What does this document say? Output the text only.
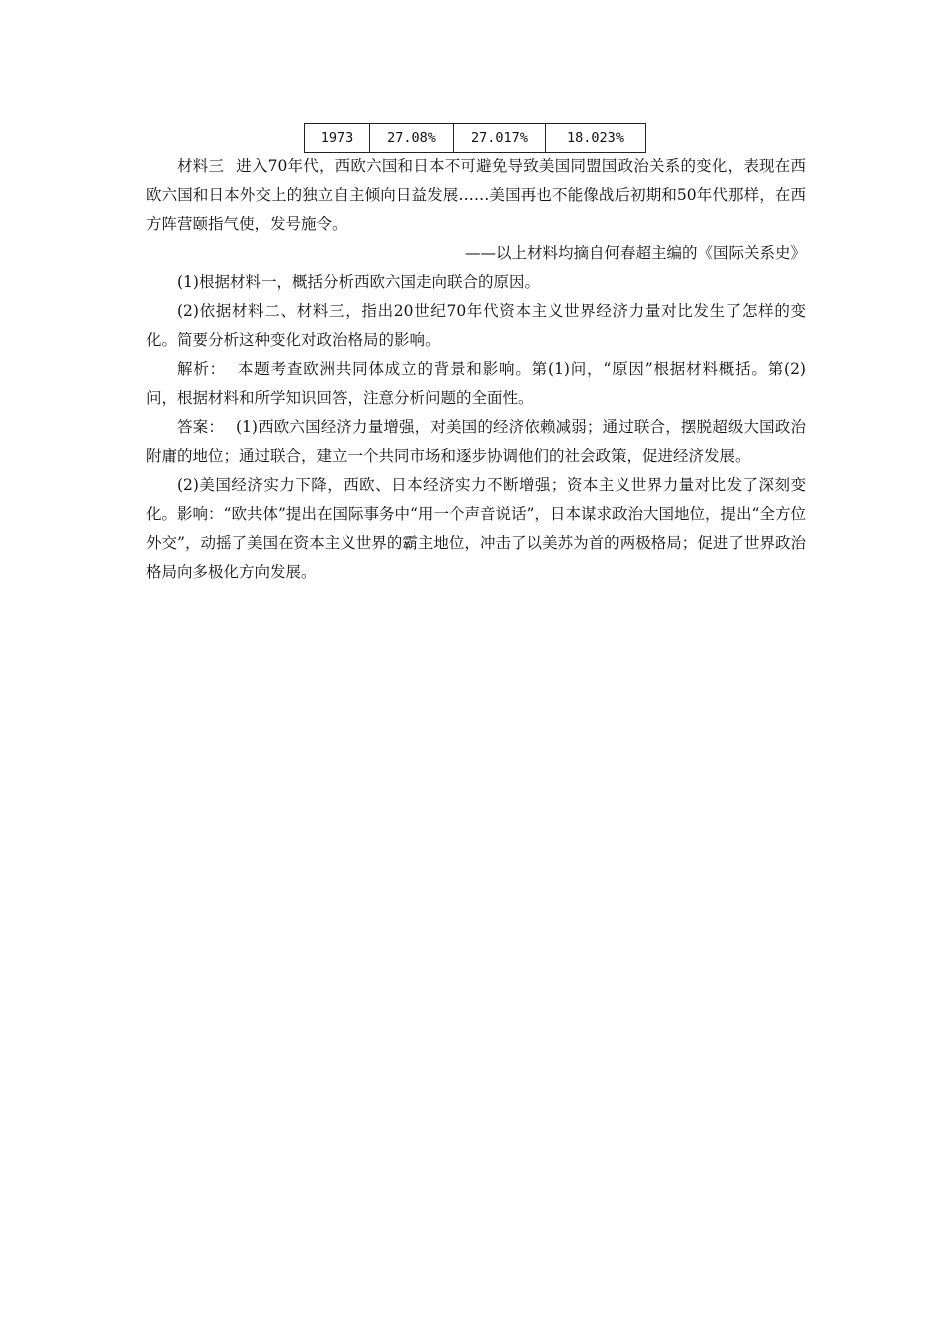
1973	27.08%	27.017%	18.023%

材料三 进入70年代，西欧六国和日本不可避免导致美国同盟国政治关系的变化，表现在西欧六国和日本外交上的独立自主倾向日益发展……美国再也不能像战后初期和50年代那样，在西方阵营颐指气使，发号施令。

——以上材料均摘自何春超主编的《国际关系史》

(1)根据材料一，概括分析西欧六国走向联合的原因。

(2)依据材料二、材料三，指出20世纪70年代资本主义世界经济力量对比发生了怎样的变化。简要分析这种变化对政治格局的影响。

解析： 本题考查欧洲共同体成立的背景和影响。第(1)问，“原因”根据材料概括。第(2)问，根据材料和所学知识回答，注意分析问题的全面性。

答案： (1)西欧六国经济力量增强，对美国的经济依赖减弱；通过联合，摆脱超级大国政治附庸的地位；通过联合，建立一个共同市场和逐步协调他们的社会政策，促进经济发展。

(2)美国经济实力下降，西欧、日本经济实力不断增强；资本主义世界力量对比发了深刻变化。影响：“欧共体”提出在国际事务中“用一个声音说话”，日本谋求政治大国地位，提出“全方位外交”，动摇了美国在资本主义世界的霸主地位，冲击了以美苏为首的两极格局；促进了世界政治格局向多极化方向发展。
